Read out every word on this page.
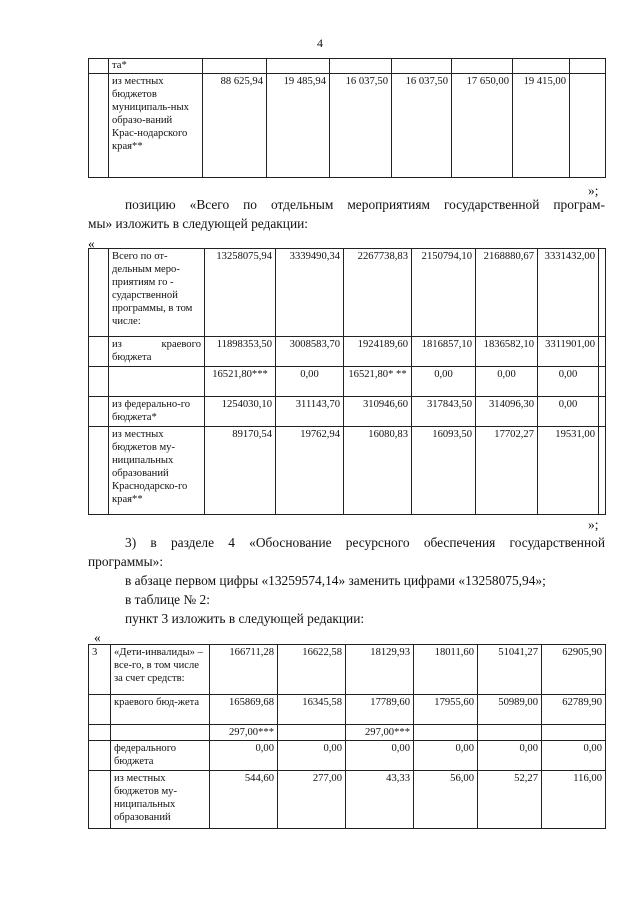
4
	та*							
	из местных бюджетов муниципаль-ных образо-ваний Крас-нодарского края**	88 625,94	19 485,94	16 037,50	16 037,50	17 650,00	19 415,00	
»;
позицию «Всего по отдельным мероприятиям государственной програм-
мы» изложить в следующей редакции:
«
	Всего по от-дельным меро-приятиям го - сударственной программы, в том числе:	13258075,94	3339490,34	2267738,83	2150794,10	2168880,67	3331432,00	
	из краевого бюджета	11898353,50	3008583,70	1924189,60	1816857,10	1836582,10	3311901,00	
		16521,80***	0,00	16521,80* **	0,00	0,00	0,00	
	из федерально-го бюджета*	1254030,10	311143,70	310946,60	317843,50	314096,30	0,00	
	из местных бюджетов му-ниципальных образований Краснодарско-го края**	89170,54	19762,94	16080,83	16093,50	17702,27	19531,00	
»;
3) в разделе 4 «Обоснование ресурсного обеспечения государственной
программы»:
в абзаце первом цифры «13259574,14» заменить цифрами «13258075,94»;
в таблице № 2:
пункт 3 изложить в следующей редакции:
«
3	«Дети-инвалиды» – все-го, в том числе за счет средств:	166711,28	16622,58	18129,93	18011,60	51041,27	62905,90
	краевого бюд-жета	165869,68	16345,58	17789,60	17955,60	50989,00	62789,90
		297,00***		297,00***			
	федерального бюджета	0,00	0,00	0,00	0,00	0,00	0,00
	из местных бюджетов му-ниципальных образований	544,60	277,00	43,33	56,00	52,27	116,00
